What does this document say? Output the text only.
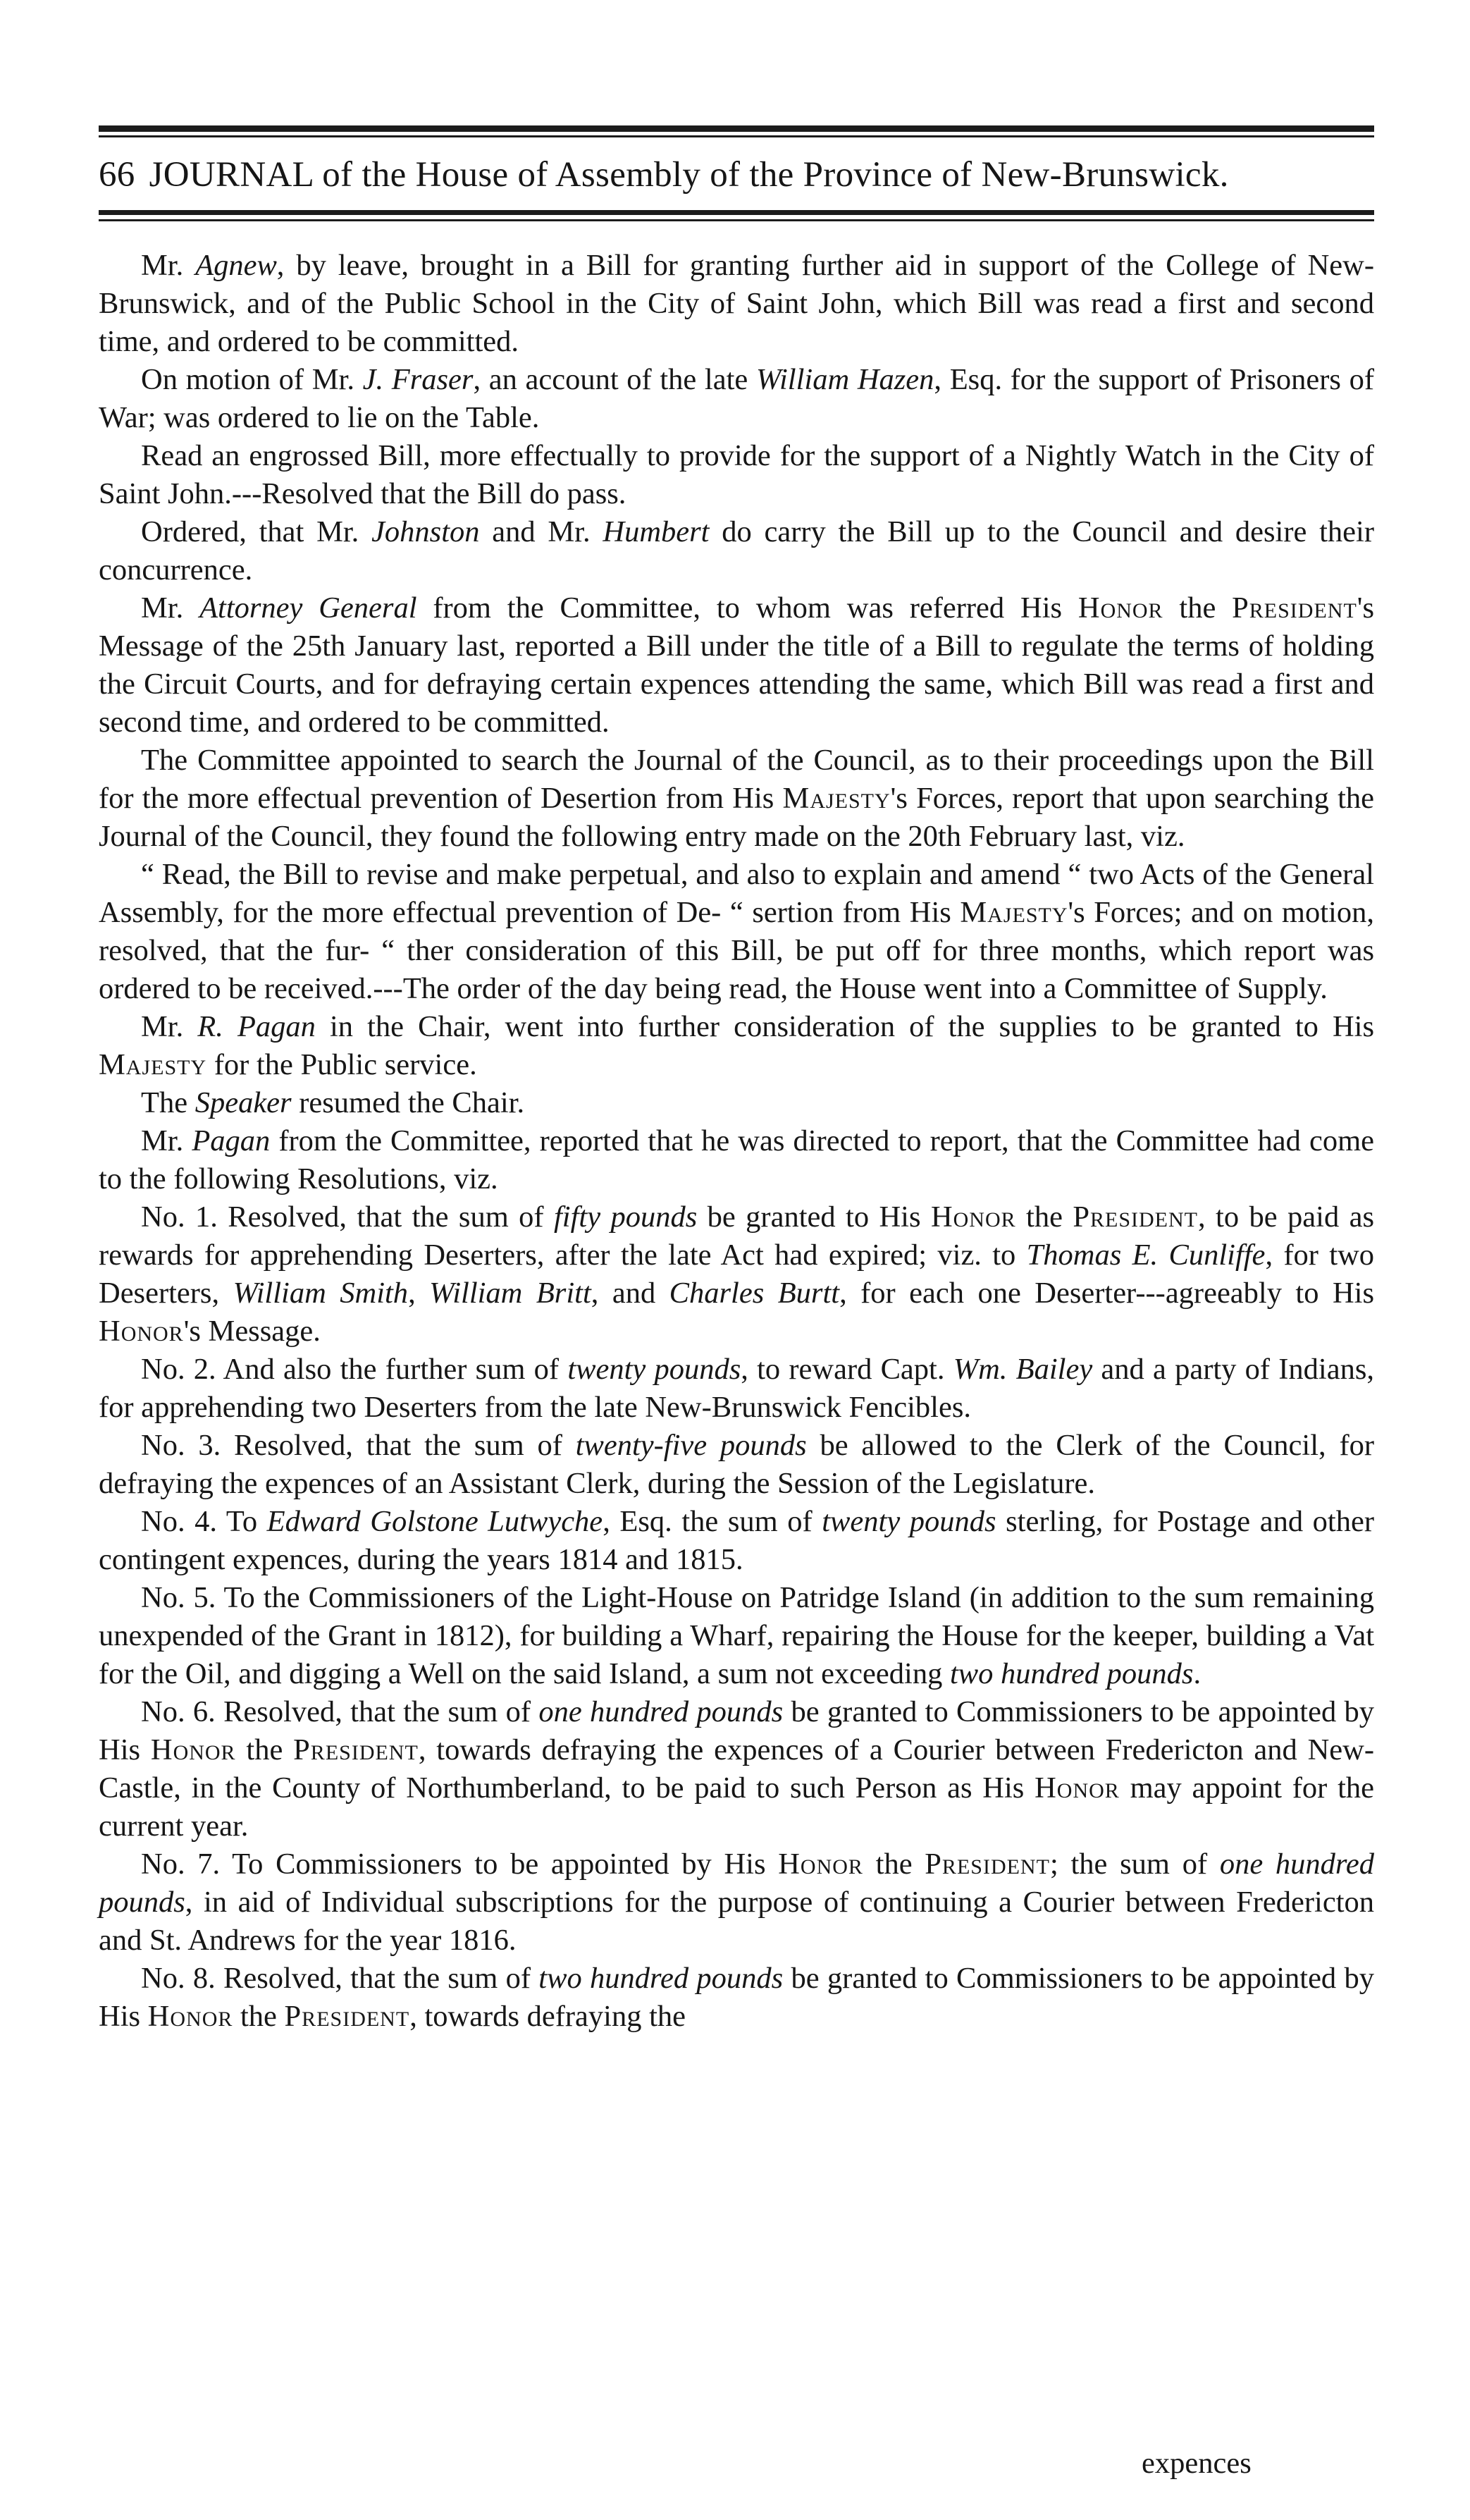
66 JOURNAL of the House of Assembly of the Province of New-Brunswick.

Mr. Agnew, by leave, brought in a Bill for granting further aid in support of the College of New-Brunswick, and of the Public School in the City of Saint John, which Bill was read a first and second time, and ordered to be committed.

On motion of Mr. J. Fraser, an account of the late William Hazen, Esq. for the support of Prisoners of War; was ordered to lie on the Table.

Read an engrossed Bill, more effectually to provide for the support of a Nightly Watch in the City of Saint John.---Resolved that the Bill do pass.

Ordered, that Mr. Johnston and Mr. Humbert do carry the Bill up to the Council and desire their concurrence.

Mr. Attorney General from the Committee, to whom was referred His Honor the President's Message of the 25th January last, reported a Bill under the title of a Bill to regulate the terms of holding the Circuit Courts, and for defraying certain expences attending the same, which Bill was read a first and second time, and ordered to be committed.

The Committee appointed to search the Journal of the Council, as to their proceedings upon the Bill for the more effectual prevention of Desertion from His Majesty's Forces, report that upon searching the Journal of the Council, they found the following entry made on the 20th February last, viz.

“ Read, the Bill to revise and make perpetual, and also to explain and amend “ two Acts of the General Assembly, for the more effectual prevention of De- “ sertion from His Majesty's Forces; and on motion, resolved, that the fur- “ ther consideration of this Bill, be put off for three months, which report was ordered to be received.---The order of the day being read, the House went into a Committee of Supply.

Mr. R. Pagan in the Chair, went into further consideration of the supplies to be granted to His Majesty for the Public service.

The Speaker resumed the Chair.

Mr. Pagan from the Committee, reported that he was directed to report, that the Committee had come to the following Resolutions, viz.

No. 1. Resolved, that the sum of fifty pounds be granted to His Honor the President, to be paid as rewards for apprehending Deserters, after the late Act had expired; viz. to Thomas E. Cunliffe, for two Deserters, William Smith, William Britt, and Charles Burtt, for each one Deserter---agreeably to His Honor's Message.

No. 2. And also the further sum of twenty pounds, to reward Capt. Wm. Bailey and a party of Indians, for apprehending two Deserters from the late New-Brunswick Fencibles.

No. 3. Resolved, that the sum of twenty-five pounds be allowed to the Clerk of the Council, for defraying the expences of an Assistant Clerk, during the Session of the Legislature.

No. 4. To Edward Golstone Lutwyche, Esq. the sum of twenty pounds sterling, for Postage and other contingent expences, during the years 1814 and 1815.

No. 5. To the Commissioners of the Light-House on Patridge Island (in addition to the sum remaining unexpended of the Grant in 1812), for building a Wharf, repairing the House for the keeper, building a Vat for the Oil, and digging a Well on the said Island, a sum not exceeding two hundred pounds.

No. 6. Resolved, that the sum of one hundred pounds be granted to Commissioners to be appointed by His Honor the President, towards defraying the expences of a Courier between Fredericton and New-Castle, in the County of Northumberland, to be paid to such Person as His Honor may appoint for the current year.

No. 7. To Commissioners to be appointed by His Honor the President; the sum of one hundred pounds, in aid of Individual subscriptions for the purpose of continuing a Courier between Fredericton and St. Andrews for the year 1816.

No. 8. Resolved, that the sum of two hundred pounds be granted to Commissioners to be appointed by His Honor the President, towards defraying the

expences
